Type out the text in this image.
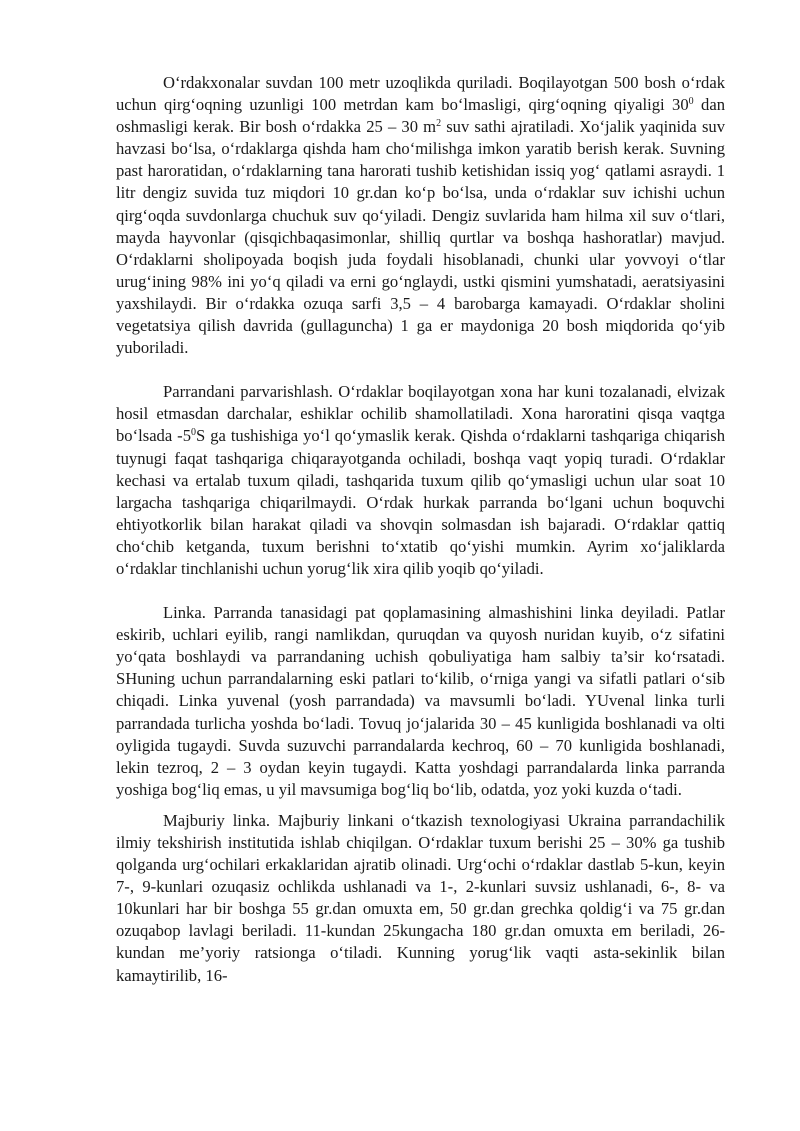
O‘rdakxonalar suvdan 100 metr uzoqlikda quriladi. Boqilayotgan 500 bosh o‘rdak uchun qirg‘oqning uzunligi 100 metrdan kam bo‘lmasligi, qirg‘oqning qiyaligi $30^0$ dan oshmasligi kerak. Bir bosh o‘rdakka 25 – 30 $m^2$ suv sathi ajratiladi. Xo‘jalik yaqinida suv havzasi bo‘lsa, o‘rdaklarga qishda ham cho‘milishga imkon yaratib berish kerak. Suvning past haroratidan, o‘rdaklarning tana harorati tushib ketishidan issiq yog‘ qatlami asraydi. 1 litr dengiz suvida tuz miqdori 10 gr.dan ko‘p bo‘lsa, unda o‘rdaklar suv ichishi uchun qirg‘oqda suvdonlarga chuchuk suv qo‘yiladi. Dengiz suvlarida ham hilma xil suv o‘tlari, mayda hayvonlar (qisqichbaqasimonlar, shilliq qurtlar va boshqa hashoratlar) mavjud. O‘rdaklarni sholipoyada boqish juda foydali hisoblanadi, chunki ular yovvoyi o‘tlar urug‘ining 98% ini yo‘q qiladi va erni go‘nglaydi, ustki qismini yumshatadi, aeratsiyasini yaxshilaydi. Bir o‘rdakka ozuqa sarfi 3,5 – 4 barobarga kamayadi. O‘rdaklar sholini vegetatsiya qilish davrida (gullaguncha) 1 ga er maydoniga 20 bosh miqdorida qo‘yib yuboriladi.

Parrandani parvarishlash. O‘rdaklar boqilayotgan xona har kuni tozalanadi, elvizak hosil etmasdan darchalar, eshiklar ochilib shamollatiladi. Xona haroratini qisqa vaqtga bo‘lsada $-5^0S$ ga tushishiga yo‘l qo‘ymaslik kerak. Qishda o‘rdaklarni tashqariga chiqarish tuynugi faqat tashqariga chiqarayotganda ochiladi, boshqa vaqt yopiq turadi. O‘rdaklar kechasi va ertalab tuxum qiladi, tashqarida tuxum qilib qo‘ymasligi uchun ular soat 10 largacha tashqariga chiqarilmaydi. O‘rdak hurkak parranda bo‘lgani uchun boquvchi ehtiyotkorlik bilan harakat qiladi va shovqin solmasdan ish bajaradi. O‘rdaklar qattiq cho‘chib ketganda, tuxum berishni to‘xtatib qo‘yishi mumkin. Ayrim xo‘jaliklarda o‘rdaklar tinchlanishi uchun yorug‘lik xira qilib yoqib qo‘yiladi.

Linka. Parranda tanasidagi pat qoplamasining almashishini linka deyiladi. Patlar eskirib, uchlari eyilib, rangi namlikdan, quruqdan va quyosh nuridan kuyib, o‘z sifatini yo‘qata boshlaydi va parrandaning uchish qobuliyatiga ham salbiy ta’sir ko‘rsatadi. SHuning uchun parrandalarning eski patlari to‘kilib, o‘rniga yangi va sifatli patlari o‘sib chiqadi. Linka yuvenal (yosh parrandada) va mavsumli bo‘ladi. YUvenal linka turli parrandada turlicha yoshda bo‘ladi. Tovuq jo‘jalarida 30 – 45 kunligida boshlanadi va olti oyligida tugaydi. Suvda suzuvchi parrandalarda kechroq, 60 – 70 kunligida boshlanadi, lekin tezroq, 2 – 3 oydan keyin tugaydi. Katta yoshdagi parrandalarda linka parranda yoshiga bog‘liq emas, u yil mavsumiga bog‘liq bo‘lib, odatda, yoz yoki kuzda o‘tadi.

Majburiy linka. Majburiy linkani o‘tkazish texnologiyasi Ukraina parrandachilik ilmiy tekshirish institutida ishlab chiqilgan. O‘rdaklar tuxum berishi 25 – 30% ga tushib qolganda urg‘ochilari erkaklaridan ajratib olinadi. Urg‘ochi o‘rdaklar dastlab 5-kun, keyin 7-, 9-kunlari ozuqasiz ochlikda ushlanadi va 1-, 2-kunlari suvsiz ushlanadi, 6-, 8- va 10kunlari har bir boshga 55 gr.dan omuxta em, 50 gr.dan grechka qoldig‘i va 75 gr.dan ozuqabop lavlagi beriladi. 11-kundan 25kungacha 180 gr.dan omuxta em beriladi, 26-kundan me’yoriy ratsionga o‘tiladi. Kunning yorug‘lik vaqti asta-sekinlik bilan kamaytirilib, 16-
